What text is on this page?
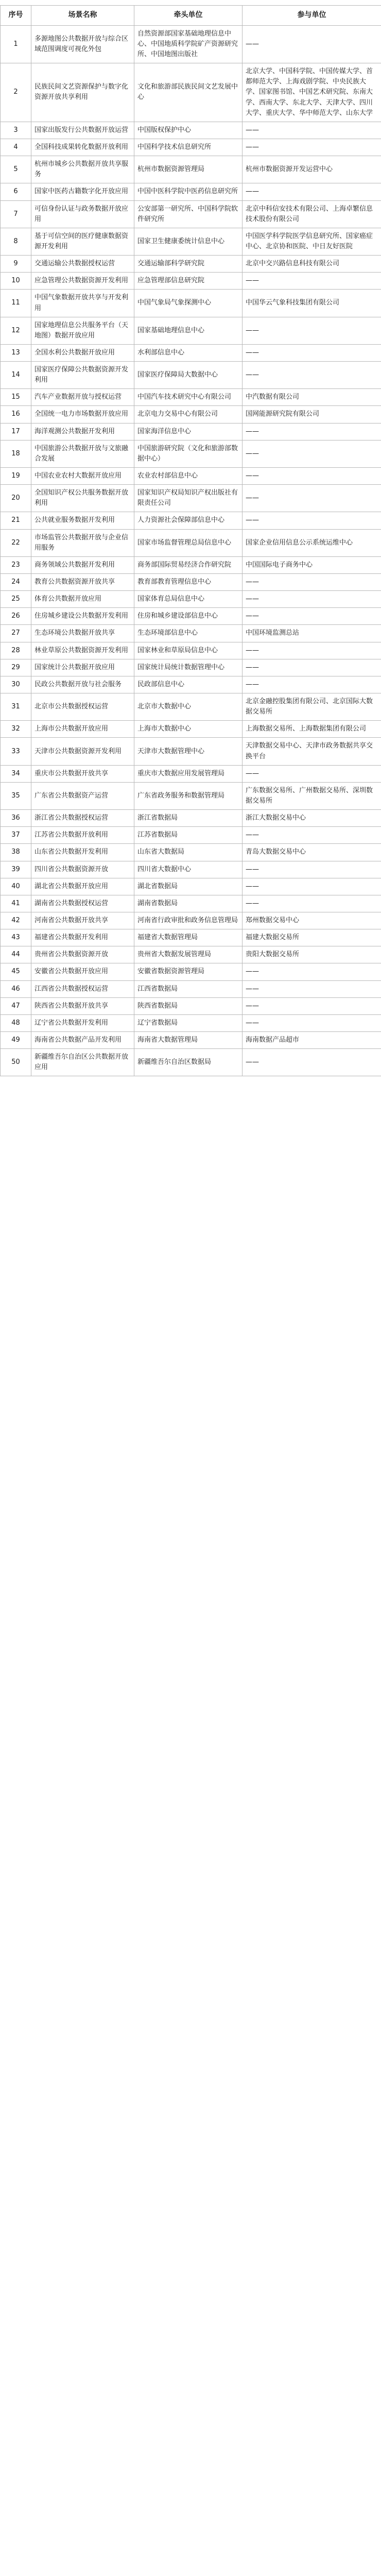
序号	场景名称	牵头单位	参与单位
1	多源地图公共数据开放与综合区域范围调度可视化外包	自然资源部国家基础地理信息中心、中国地质科学院矿产资源研究所、中国地图出版社	——
2	民族民间文艺资源保护与数字化资源开放共享利用	文化和旅游部民族民间文艺发展中心	北京大学、中国科学院、中国传媒大学、首都师范大学、上海戏剧学院、中央民族大学、国家图书馆、中国艺术研究院、东南大学、西南大学、东北大学、天津大学、四川大学、重庆大学、华中师范大学、山东大学
3	国家出版发行公共数据开放运营	中国版权保护中心	——
4	全国科技成果转化数据开放利用	中国科学技术信息研究所	——
5	杭州市城乡公共数据开放共享服务	杭州市数据资源管理局	杭州市数据资源开发运营中心
6	国家中医药古籍数字化开放应用	中国中医科学院中医药信息研究所	——
7	可信身份认证与政务数据开放应用	公安部第一研究所、中国科学院软件研究所	北京中科信安技术有限公司、上海卓繁信息技术股份有限公司
8	基于可信空间的医疗健康数据资源开发利用	国家卫生健康委统计信息中心	中国医学科学院医学信息研究所、国家癌症中心、北京协和医院、中日友好医院
9	交通运输公共数据授权运营	交通运输部科学研究院	北京中交兴路信息科技有限公司
10	应急管理公共数据资源开发利用	应急管理部信息研究院	——
11	中国气象数据开放共享与开发利用	中国气象局气象探测中心	中国华云气象科技集团有限公司
12	国家地理信息公共服务平台（天地图）数据开放应用	国家基础地理信息中心	——
13	全国水利公共数据开放应用	水利部信息中心	——
14	国家医疗保障公共数据资源开发利用	国家医疗保障局大数据中心	——
15	汽车产业数据开放与授权运营	中国汽车技术研究中心有限公司	中汽数据有限公司
16	全国统一电力市场数据开放应用	北京电力交易中心有限公司	国网能源研究院有限公司
17	海洋观测公共数据开发利用	国家海洋信息中心	——
18	中国旅游公共数据开放与文旅融合发展	中国旅游研究院（文化和旅游部数据中心）	——
19	中国农业农村大数据开放应用	农业农村部信息中心	——
20	全国知识产权公共服务数据开放利用	国家知识产权局知识产权出版社有限责任公司	——
21	公共就业服务数据开发利用	人力资源社会保障部信息中心	——
22	市场监管公共数据开放与企业信用服务	国家市场监督管理总局信息中心	国家企业信用信息公示系统运维中心
23	商务领域公共数据开发利用	商务部国际贸易经济合作研究院	中国国际电子商务中心
24	教育公共数据资源开放共享	教育部教育管理信息中心	——
25	体育公共数据开放应用	国家体育总局信息中心	——
26	住房城乡建设公共数据开发利用	住房和城乡建设部信息中心	——
27	生态环境公共数据开放共享	生态环境部信息中心	中国环境监测总站
28	林业草原公共数据资源开发利用	国家林业和草原局信息中心	——
29	国家统计公共数据开放应用	国家统计局统计数据管理中心	——
30	民政公共数据开放与社会服务	民政部信息中心	——
31	北京市公共数据授权运营	北京市大数据中心	北京金融控股集团有限公司、北京国际大数据交易所
32	上海市公共数据开放应用	上海市大数据中心	上海数据交易所、上海数据集团有限公司
33	天津市公共数据资源开发利用	天津市大数据管理中心	天津数据交易中心、天津市政务数据共享交换平台
34	重庆市公共数据开放共享	重庆市大数据应用发展管理局	——
35	广东省公共数据资产运营	广东省政务服务和数据管理局	广东数据交易所、广州数据交易所、深圳数据交易所
36	浙江省公共数据授权运营	浙江省数据局	浙江大数据交易中心
37	江苏省公共数据开放利用	江苏省数据局	——
38	山东省公共数据开发利用	山东省大数据局	青岛大数据交易中心
39	四川省公共数据资源开放	四川省大数据中心	——
40	湖北省公共数据开放应用	湖北省数据局	——
41	湖南省公共数据授权运营	湖南省数据局	——
42	河南省公共数据开放共享	河南省行政审批和政务信息管理局	郑州数据交易中心
43	福建省公共数据开发利用	福建省大数据管理局	福建大数据交易所
44	贵州省公共数据资源开放	贵州省大数据发展管理局	贵阳大数据交易所
45	安徽省公共数据开放应用	安徽省数据资源管理局	——
46	江西省公共数据授权运营	江西省数据局	——
47	陕西省公共数据开放共享	陕西省数据局	——
48	辽宁省公共数据开发利用	辽宁省数据局	——
49	海南省公共数据产品开发利用	海南省大数据管理局	海南数据产品超市
50	新疆维吾尔自治区公共数据开放应用	新疆维吾尔自治区数据局	——
